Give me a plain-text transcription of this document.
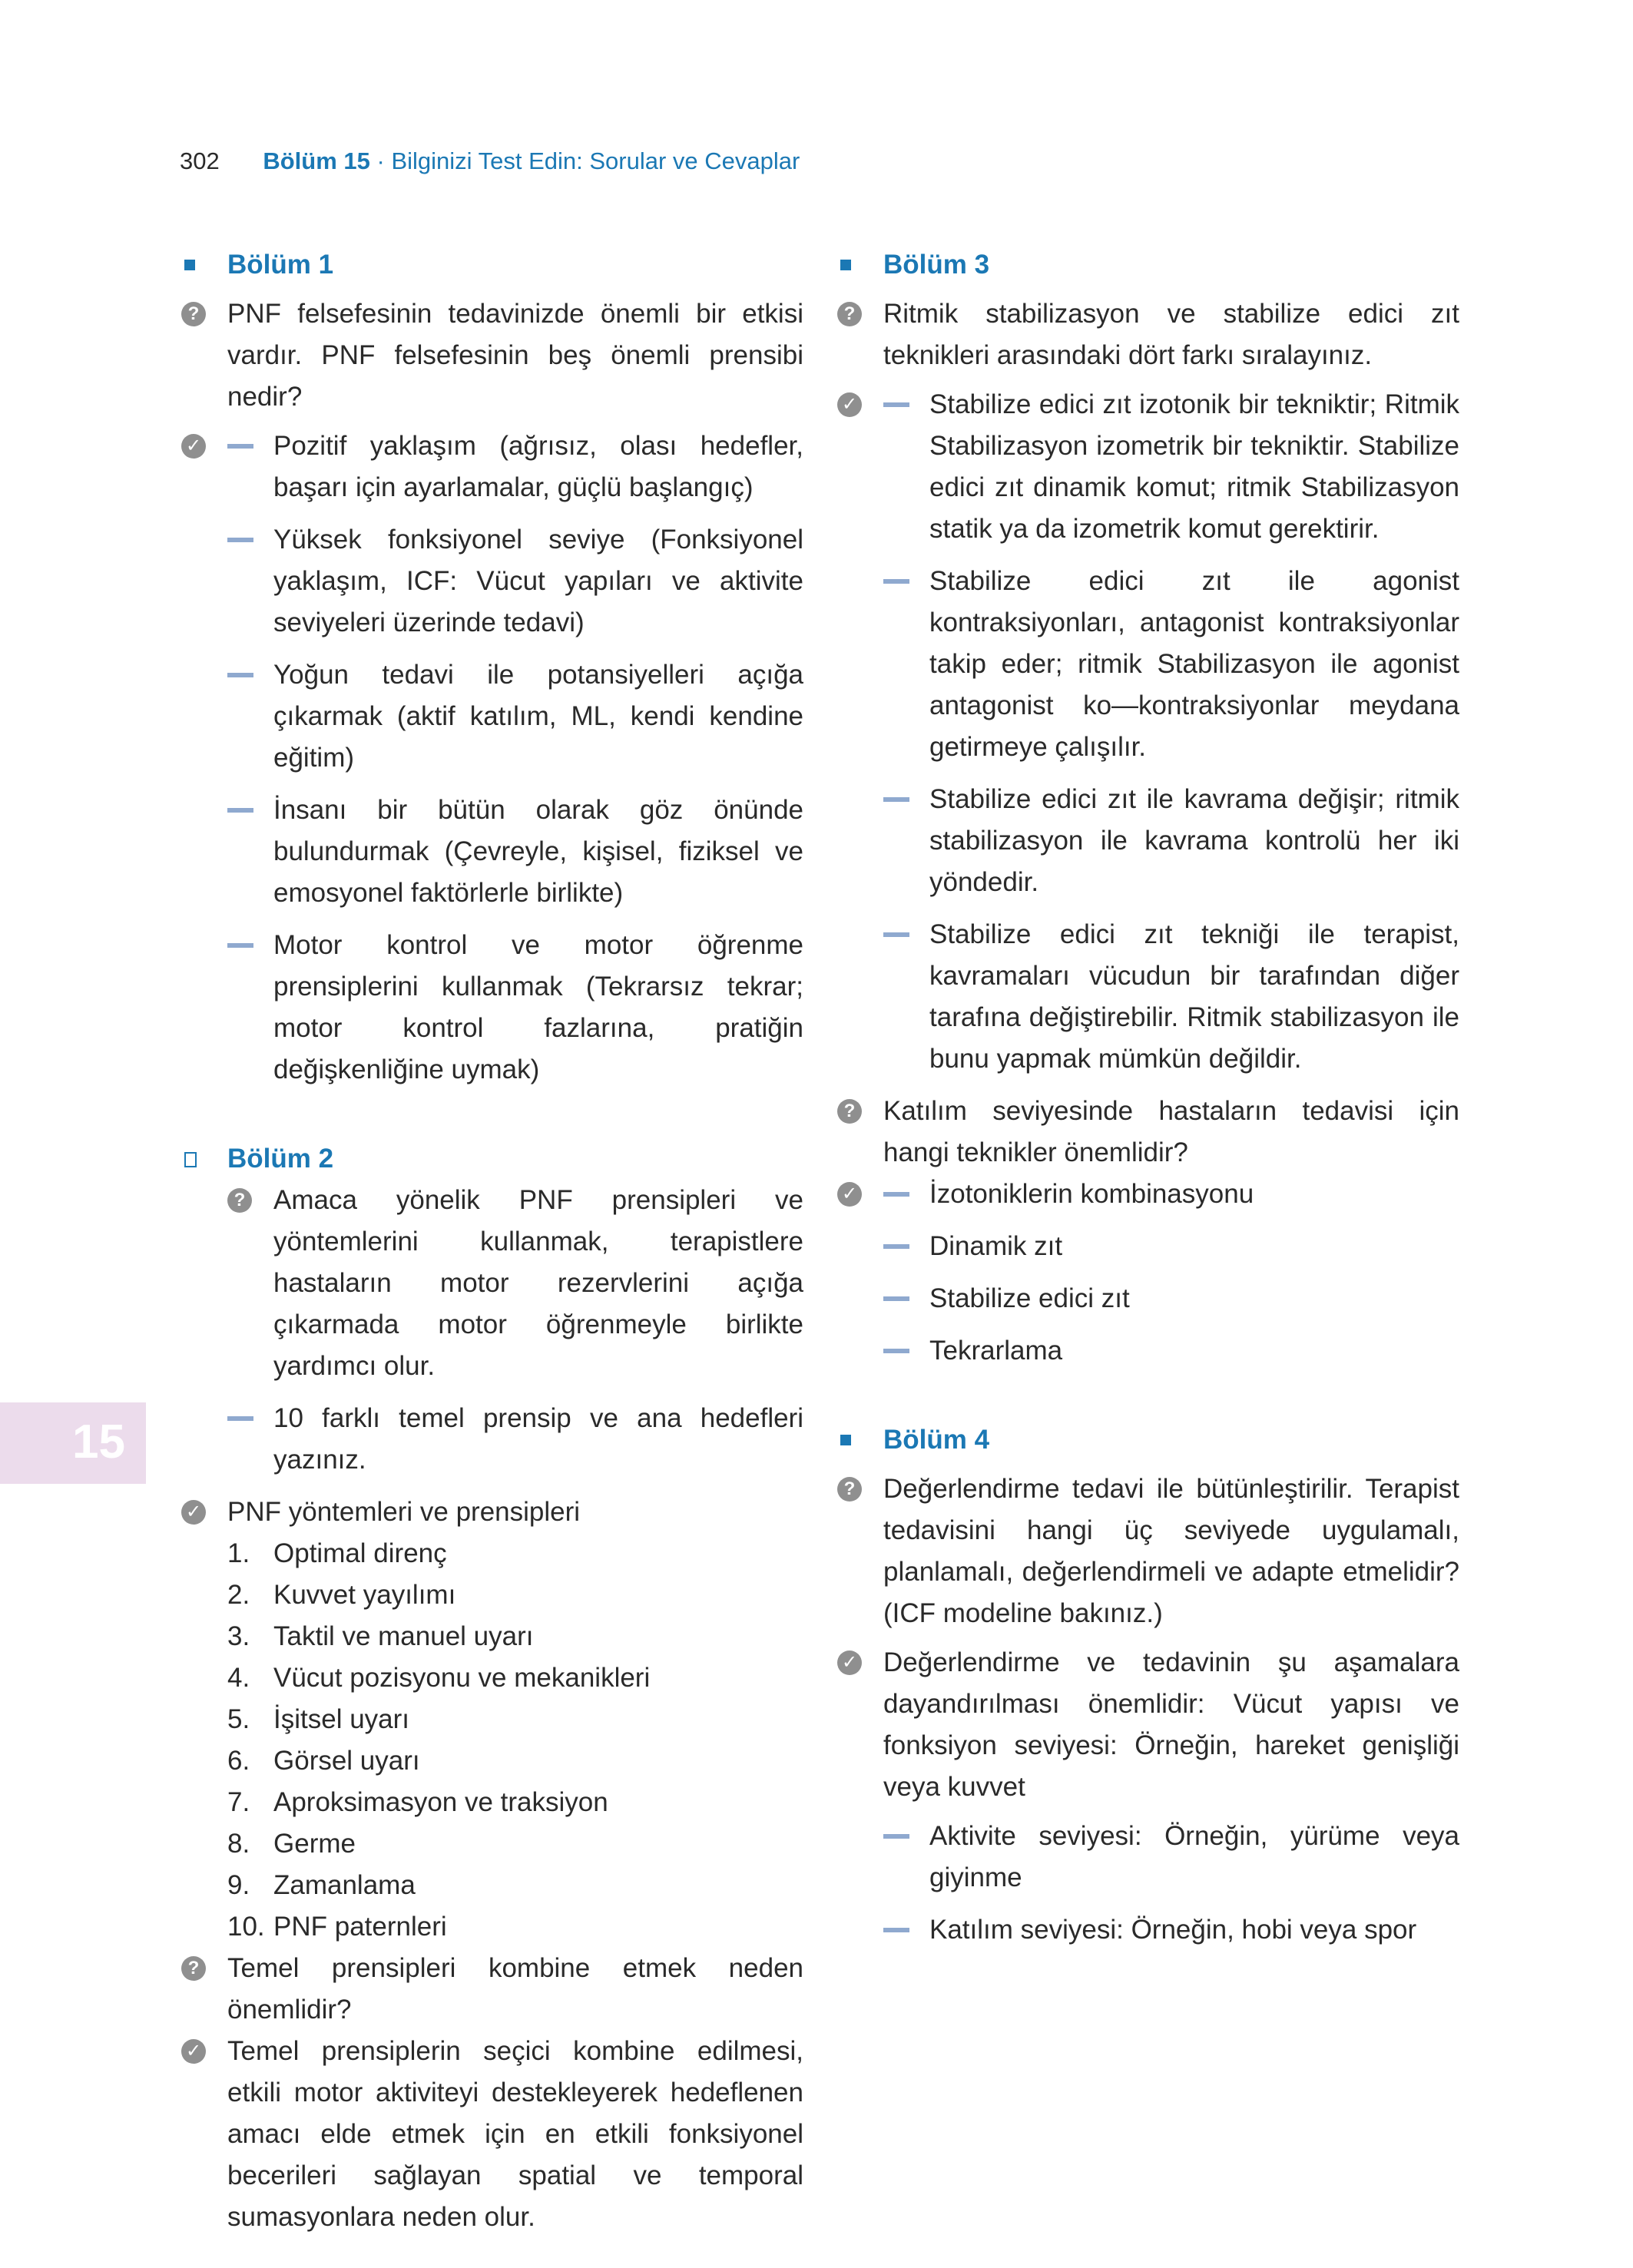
302 Bölüm 15 · Bilginizi Test Edin: Sorular ve Cevaplar
15
Bölüm 1
? PNF felsefesinin tedavinizde önemli bir etkisi vardır. PNF felsefesinin beş önemli prensibi nedir?
✓	Pozitif yaklaşım (ağrısız, olası hedefler, başarı için ayarlamalar, güçlü başlangıç)
Yüksek fonksiyonel seviye (Fonksiyonel yaklaşım, ICF: Vücut yapıları ve aktivite seviyeleri üzerinde tedavi)
Yoğun tedavi ile potansiyelleri açığa çıkarmak (aktif katılım, ML, kendi kendine eğitim)
İnsanı bir bütün olarak göz önünde bulundurmak (Çevreyle, kişisel, fiziksel ve emosyonel faktörlerle birlikte)
Motor kontrol ve motor öğrenme prensiplerini kullanmak (Tekrarsız tekrar; motor kontrol fazlarına, pratiğin değişkenliğine uymak)
Bölüm 2
? Amaca yönelik PNF prensipleri ve yöntemlerini kullanmak, terapistlere hastaların motor rezervlerini açığa çıkarmada motor öğrenmeyle birlikte yardımcı olur.
10 farklı temel prensip ve ana hedefleri yazınız.
✓ PNF yöntemleri ve prensipleri
1. Optimal direnç
2. Kuvvet yayılımı
3. Taktil ve manuel uyarı
4. Vücut pozisyonu ve mekanikleri
5. İşitsel uyarı
6. Görsel uyarı
7. Aproksimasyon ve traksiyon
8. Germe
9. Zamanlama
10. PNF paternleri
? Temel prensipleri kombine etmek neden önemlidir?
✓ Temel prensiplerin seçici kombine edilmesi, etkili motor aktiviteyi destekleyerek hedeflenen amacı elde etmek için en etkili fonksiyonel becerileri sağlayan spatial ve temporal sumasyonlara neden olur.
Bölüm 3
? Ritmik stabilizasyon ve stabilize edici zıt teknikleri arasındaki dört farkı sıralayınız.
✓	Stabilize edici zıt izotonik bir tekniktir; Ritmik Stabilizasyon izometrik bir tekniktir. Stabilize edici zıt dinamik komut; ritmik Stabilizasyon statik ya da izometrik komut gerektirir.
Stabilize edici zıt ile agonist kontraksiyonları, antagonist kontraksiyonlar takip eder; ritmik Stabilizasyon ile agonist antagonist ko—kontraksiyonlar meydana getirmeye çalışılır.
Stabilize edici zıt ile kavrama değişir; ritmik stabilizasyon ile kavrama kontrolü her iki yöndedir.
Stabilize edici zıt tekniği ile terapist, kavramaları vücudun bir tarafından diğer tarafına değiştirebilir. Ritmik stabilizasyon ile bunu yapmak mümkün değildir.
? Katılım seviyesinde hastaların tedavisi için hangi teknikler önemlidir?
✓	İzotoniklerin kombinasyonu
Dinamik zıt
Stabilize edici zıt
Tekrarlama
Bölüm 4
? Değerlendirme tedavi ile bütünleştirilir. Terapist tedavisini hangi üç seviyede uygulamalı, planlamalı, değerlendirmeli ve adapte etmelidir? (ICF modeline bakınız.)
✓ Değerlendirme ve tedavinin şu aşamalara dayandırılması önemlidir: Vücut yapısı ve fonksiyon seviyesi: Örneğin, hareket genişliği veya kuvvet
Aktivite seviyesi: Örneğin, yürüme veya giyinme
Katılım seviyesi: Örneğin, hobi veya spor
